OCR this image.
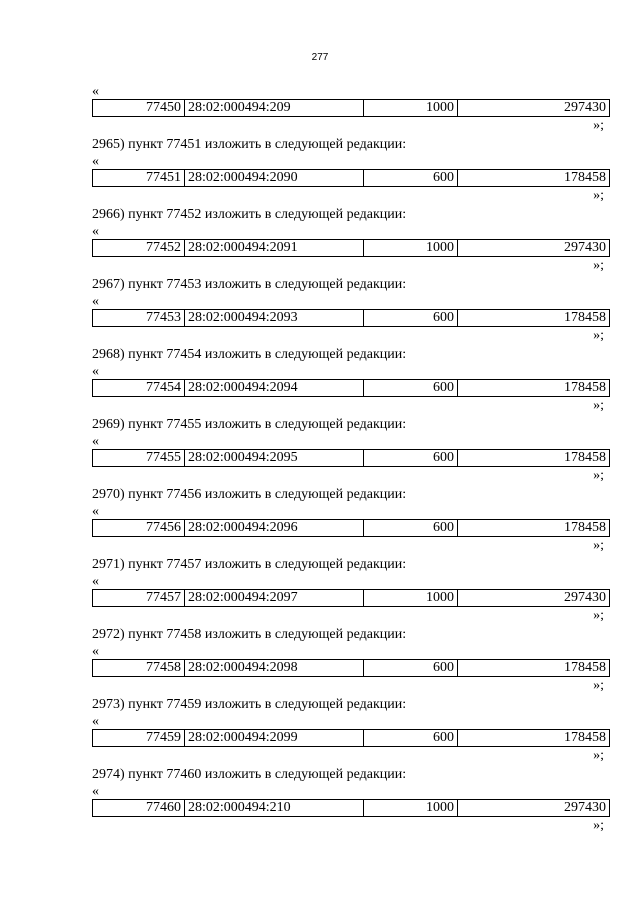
277
«
77450	28:02:000494:209	1000	297430
»;
2965) пункт 77451 изложить в следующей редакции:
«
77451	28:02:000494:2090	600	178458
»;
2966) пункт 77452 изложить в следующей редакции:
«
77452	28:02:000494:2091	1000	297430
»;
2967) пункт 77453 изложить в следующей редакции:
«
77453	28:02:000494:2093	600	178458
»;
2968) пункт 77454 изложить в следующей редакции:
«
77454	28:02:000494:2094	600	178458
»;
2969) пункт 77455 изложить в следующей редакции:
«
77455	28:02:000494:2095	600	178458
»;
2970) пункт 77456 изложить в следующей редакции:
«
77456	28:02:000494:2096	600	178458
»;
2971) пункт 77457 изложить в следующей редакции:
«
77457	28:02:000494:2097	1000	297430
»;
2972) пункт 77458 изложить в следующей редакции:
«
77458	28:02:000494:2098	600	178458
»;
2973) пункт 77459 изложить в следующей редакции:
«
77459	28:02:000494:2099	600	178458
»;
2974) пункт 77460 изложить в следующей редакции:
«
77460	28:02:000494:210	1000	297430
»;
